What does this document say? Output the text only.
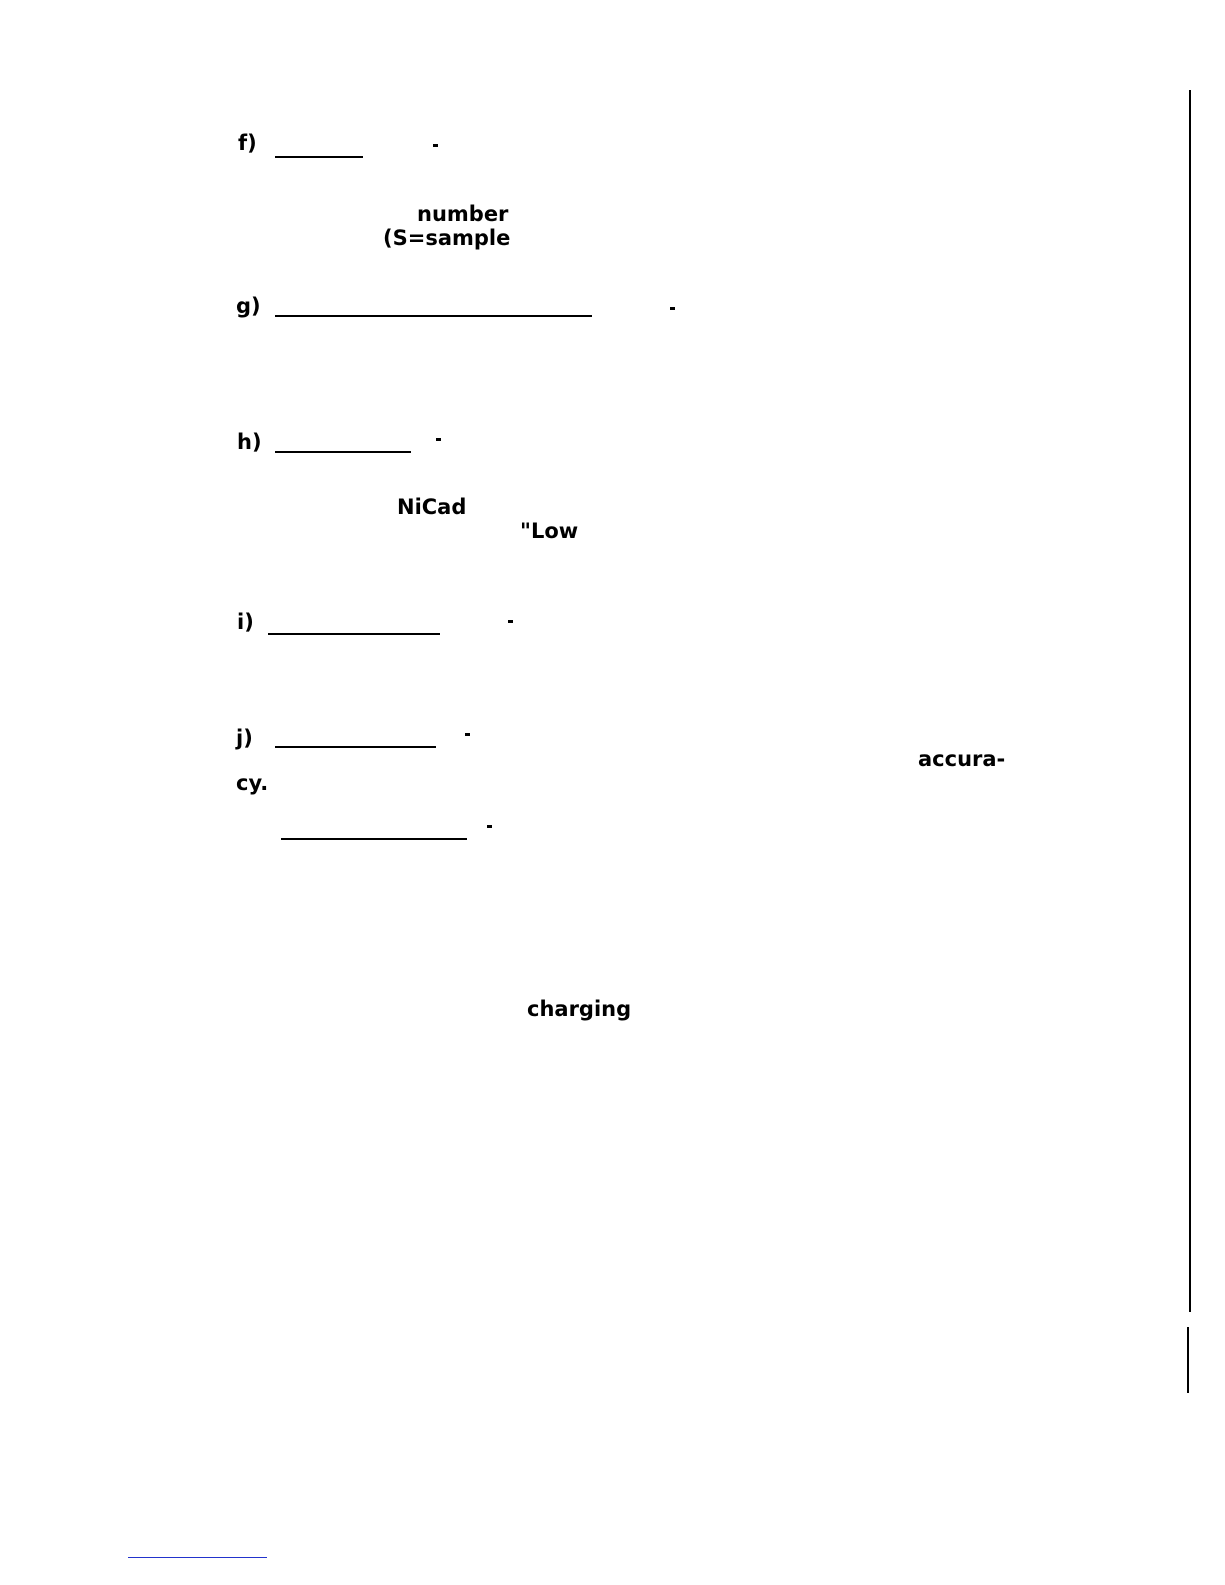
f)
number
(S=sample
g)
h)
NiCad
"Low
i)
j)
accura-
cy.
charging
